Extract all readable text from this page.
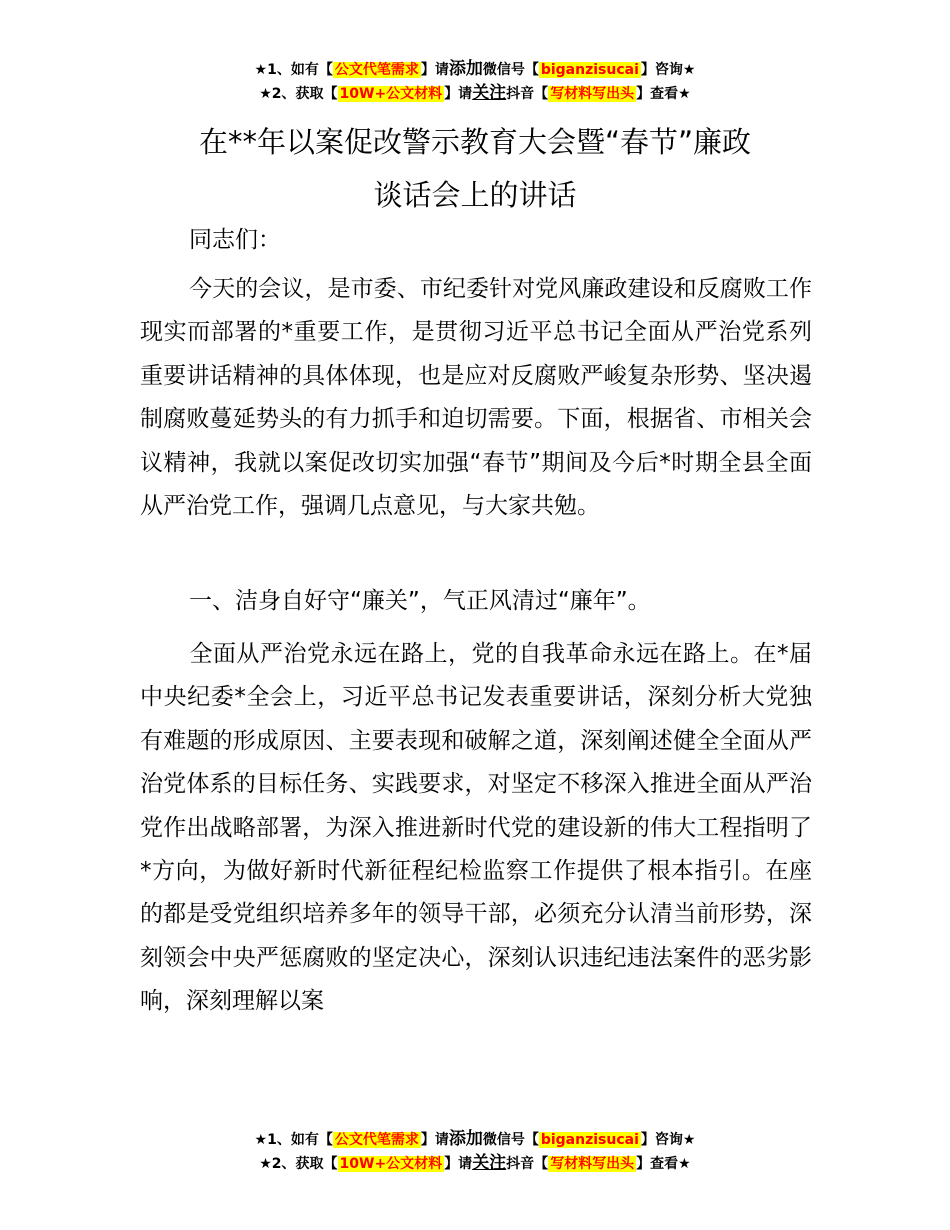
★1、如有【 公文代笔需求 】请添加微信号【 biganzisucai 】咨询★
★2、获取【 10W+公文材料 】请关注抖音【 写材料写出头 】查看★
在**年以案促改警示教育大会暨“春节”廉政
谈话会上的讲话
同志们：
今天的会议，是市委、市纪委针对党风廉政建设和反腐败工作现实而部署的*重要工作，是贯彻习近平总书记全面从严治党系列重要讲话精神的具体体现，也是应对反腐败严峻复杂形势、坚决遏制腐败蔓延势头的有力抓手和迫切需要。下面，根据省、市相关会议精神，我就以案促改切实加强“春节”期间及今后*时期全县全面从严治党工作，强调几点意见，与大家共勉。
一、洁身自好守“廉关”，气正风清过“廉年”。
全面从严治党永远在路上，党的自我革命永远在路上。在*届中央纪委*全会上，习近平总书记发表重要讲话，深刻分析大党独有难题的形成原因、主要表现和破解之道，深刻阐述健全全面从严治党体系的目标任务、实践要求，对坚定不移深入推进全面从严治党作出战略部署，为深入推进新时代党的建设新的伟大工程指明了*方向，为做好新时代新征程纪检监察工作提供了根本指引。在座的都是受党组织培养多年的领导干部，必须充分认清当前形势，深刻领会中央严惩腐败的坚定决心，深刻认识违纪违法案件的恶劣影响，深刻理解以案
★1、如有【 公文代笔需求 】请添加微信号【 biganzisucai 】咨询★
★2、获取【 10W+公文材料 】请关注抖音【 写材料写出头 】查看★
